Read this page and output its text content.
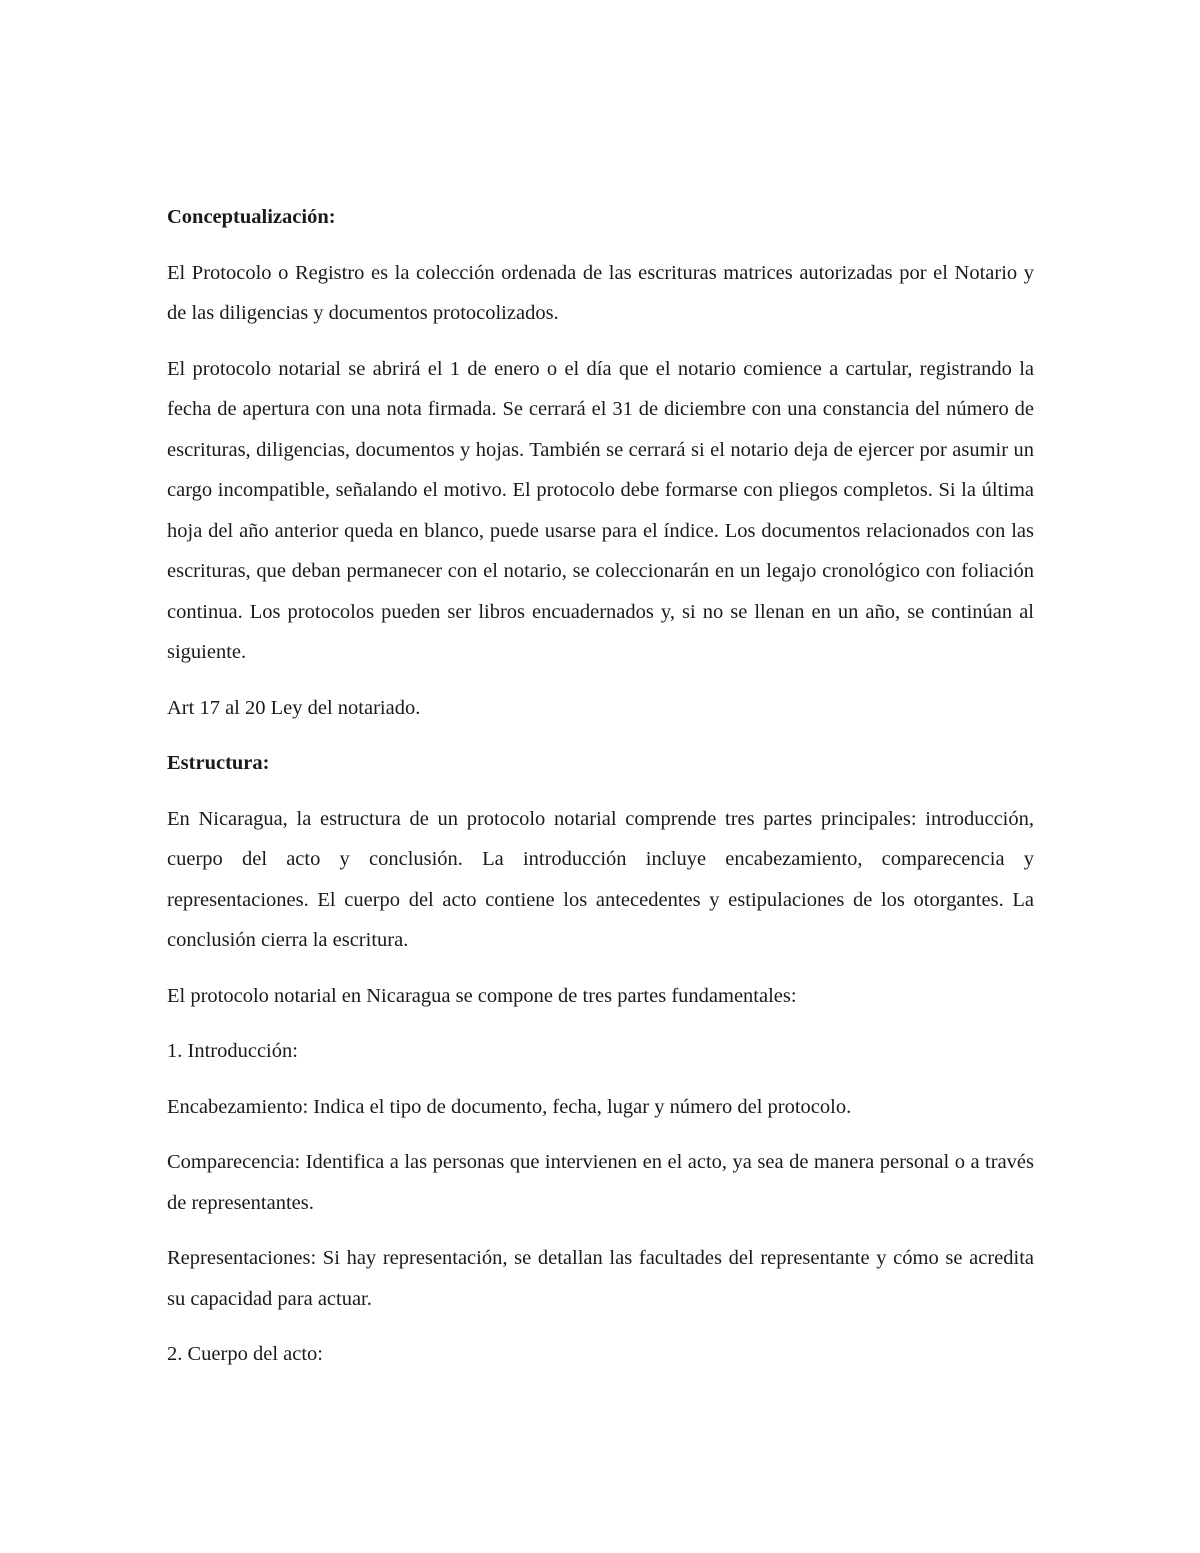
Conceptualización:

El Protocolo o Registro es la colección ordenada de las escrituras matrices autorizadas por el Notario y de las diligencias y documentos protocolizados.

El protocolo notarial se abrirá el 1 de enero o el día que el notario comience a cartular, registrando la fecha de apertura con una nota firmada. Se cerrará el 31 de diciembre con una constancia del número de escrituras, diligencias, documentos y hojas. También se cerrará si el notario deja de ejercer por asumir un cargo incompatible, señalando el motivo. El protocolo debe formarse con pliegos completos. Si la última hoja del año anterior queda en blanco, puede usarse para el índice. Los documentos relacionados con las escrituras, que deban permanecer con el notario, se coleccionarán en un legajo cronológico con foliación continua. Los protocolos pueden ser libros encuadernados y, si no se llenan en un año, se continúan al siguiente.

Art 17 al 20 Ley del notariado.

Estructura:

En Nicaragua, la estructura de un protocolo notarial comprende tres partes principales: introducción, cuerpo del acto y conclusión. La introducción incluye encabezamiento, comparecencia y representaciones. El cuerpo del acto contiene los antecedentes y estipulaciones de los otorgantes. La conclusión cierra la escritura.

El protocolo notarial en Nicaragua se compone de tres partes fundamentales:

1. Introducción:

Encabezamiento: Indica el tipo de documento, fecha, lugar y número del protocolo.

Comparecencia: Identifica a las personas que intervienen en el acto, ya sea de manera personal o a través de representantes.

Representaciones: Si hay representación, se detallan las facultades del representante y cómo se acredita su capacidad para actuar.

2. Cuerpo del acto:
